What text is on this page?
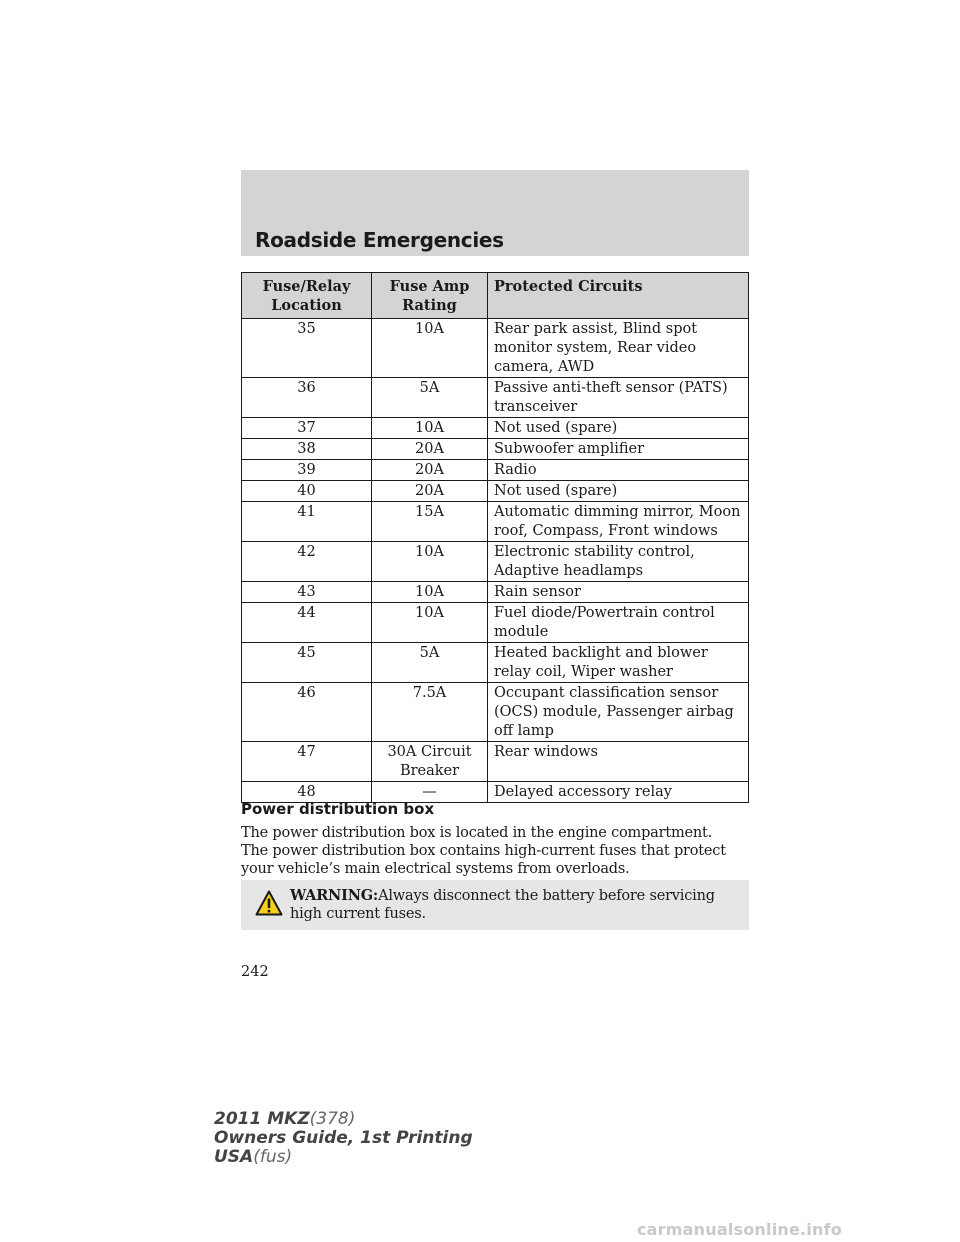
Roadside Emergencies
Fuse/Relay Location	Fuse Amp Rating	Protected Circuits
35	10A	Rear park assist, Blind spot monitor system, Rear video camera, AWD
36	5A	Passive anti-theft sensor (PATS) transceiver
37	10A	Not used (spare)
38	20A	Subwoofer amplifier
39	20A	Radio
40	20A	Not used (spare)
41	15A	Automatic dimming mirror, Moon roof, Compass, Front windows
42	10A	Electronic stability control, Adaptive headlamps
43	10A	Rain sensor
44	10A	Fuel diode/Powertrain control module
45	5A	Heated backlight and blower relay coil, Wiper washer
46	7.5A	Occupant classification sensor (OCS) module, Passenger airbag off lamp
47	30A Circuit Breaker	Rear windows
48	—	Delayed accessory relay
Power distribution box

The power distribution box is located in the engine compartment. The power distribution box contains high-current fuses that protect your vehicle’s main electrical systems from overloads.

WARNING:Always disconnect the battery before servicing high current fuses.

242

2011 MKZ(378)
Owners Guide, 1st Printing
USA(fus)
carmanualsonline.info
